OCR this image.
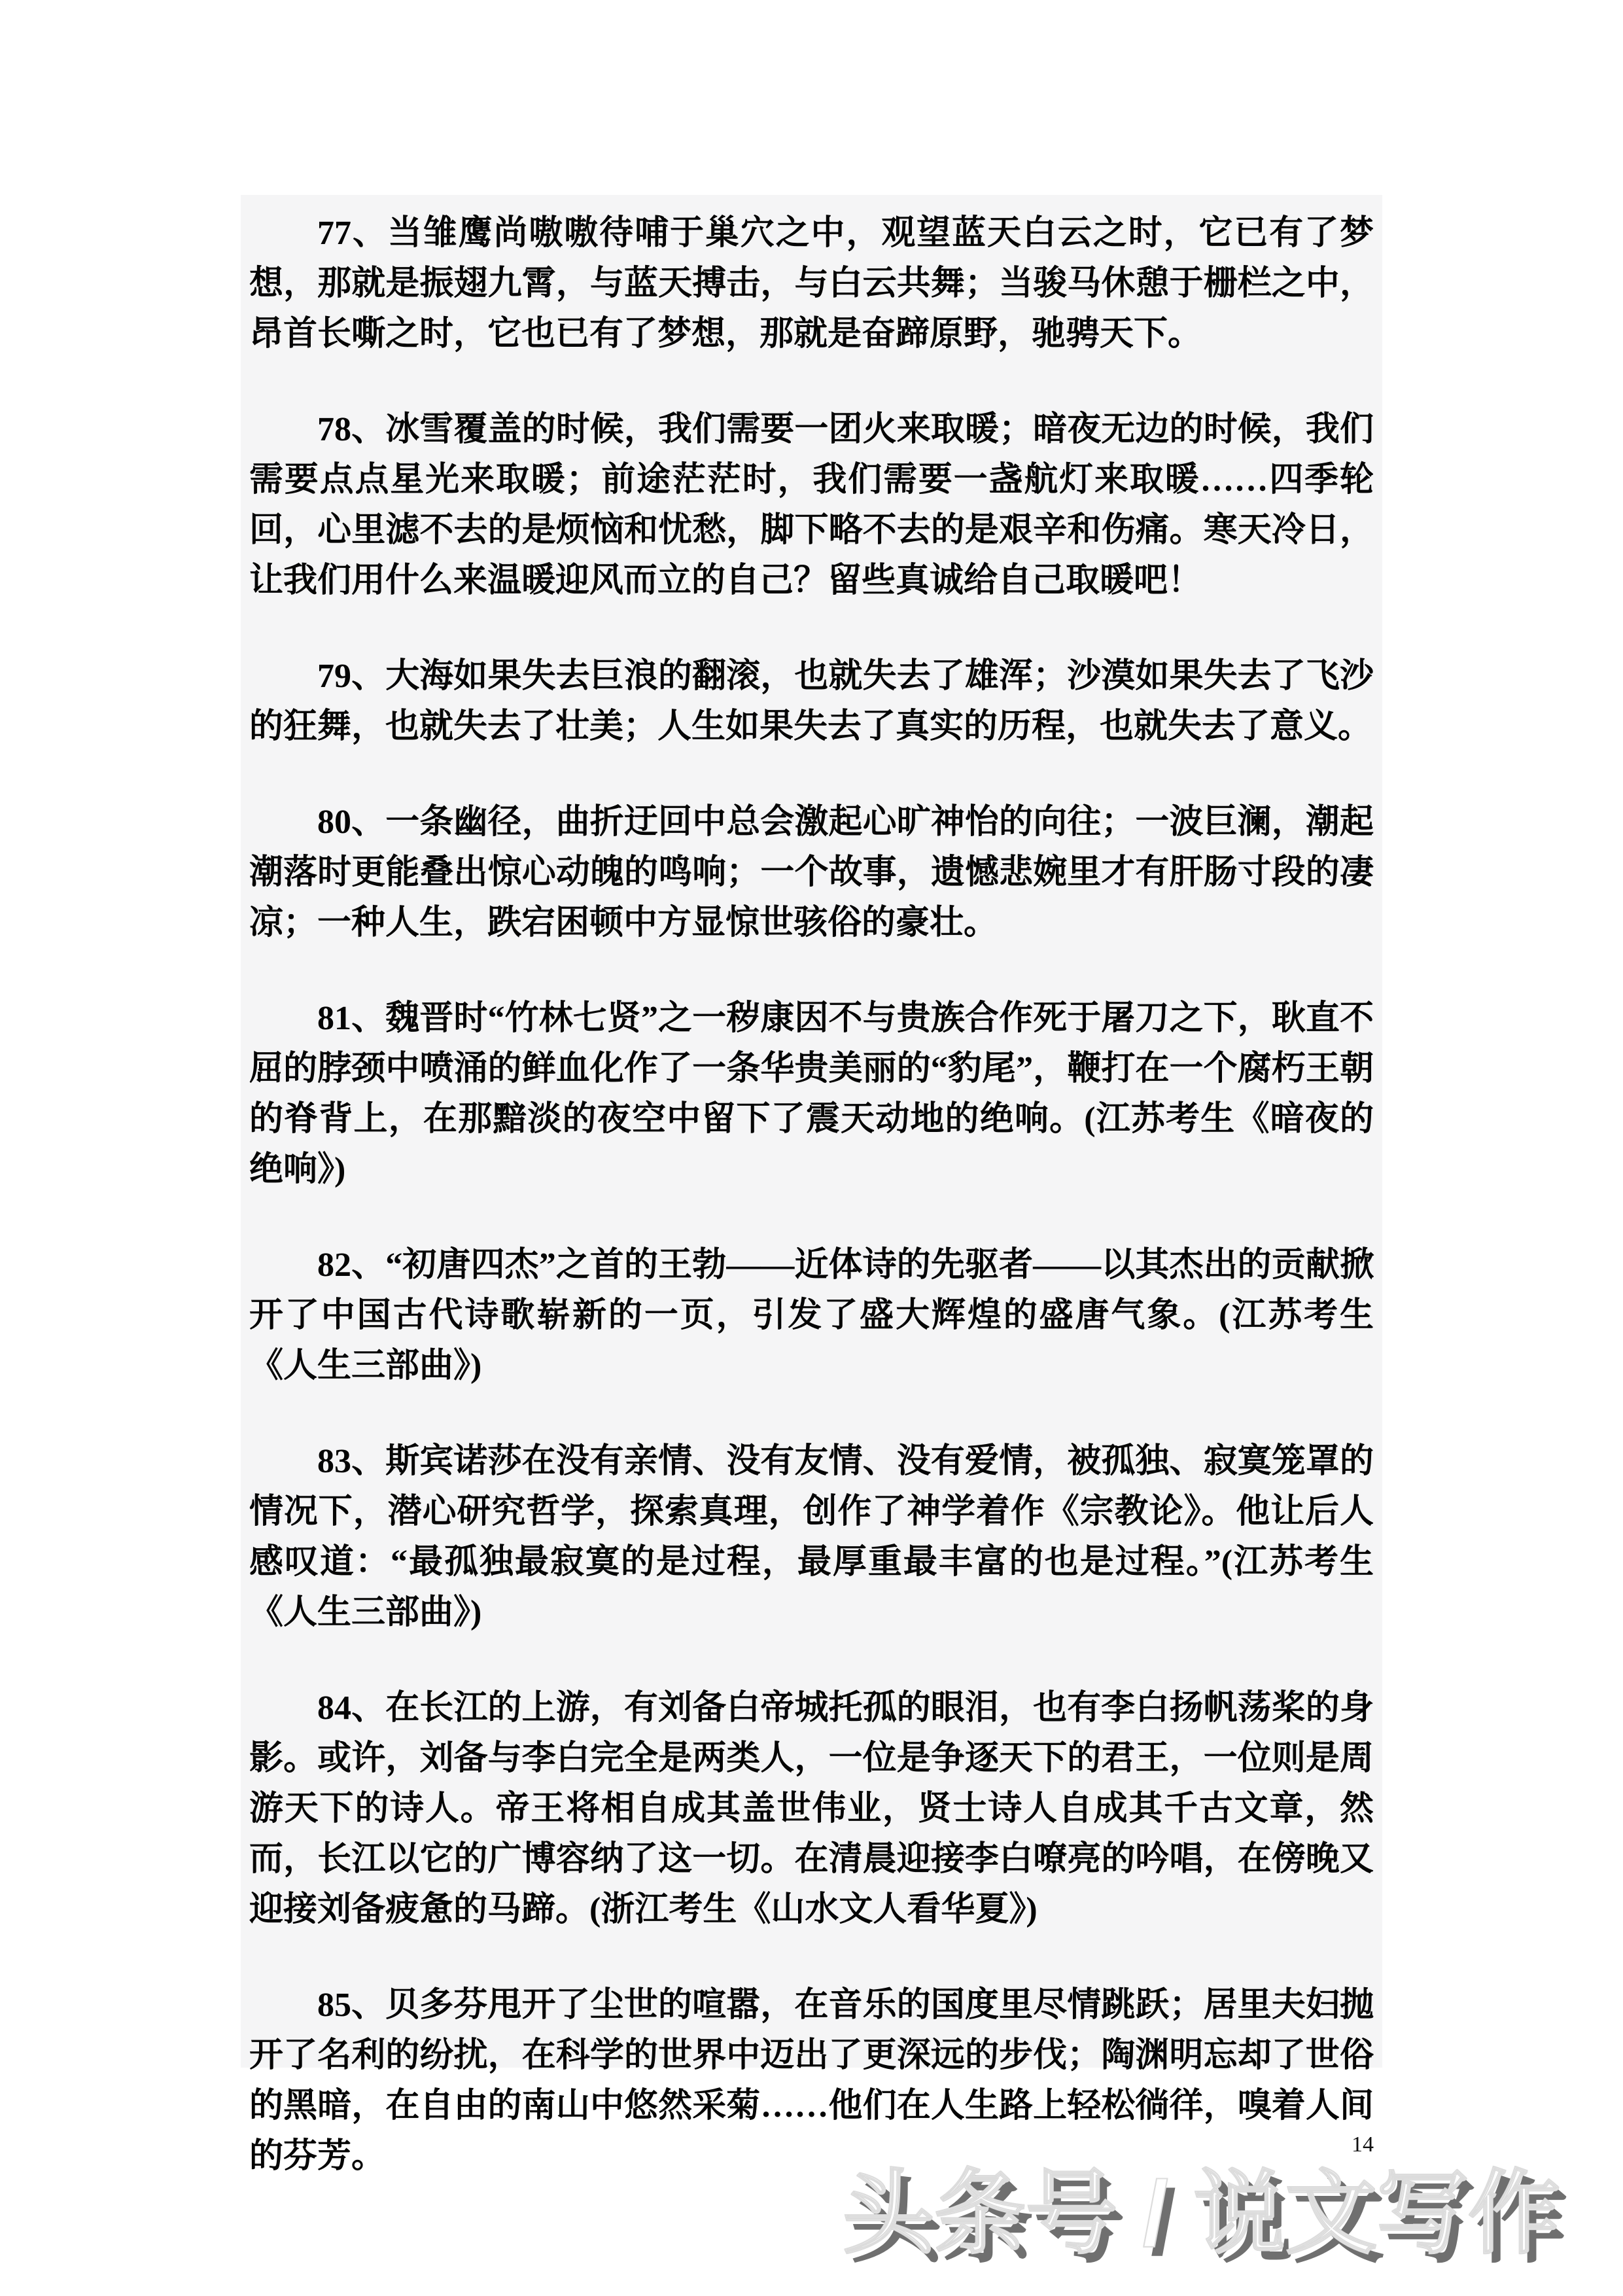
77、当雏鹰尚嗷嗷待哺于巢穴之中，观望蓝天白云之时，它已有了梦想，那就是振翅九霄，与蓝天搏击，与白云共舞；当骏马休憩于栅栏之中，昂首长嘶之时，它也已有了梦想，那就是奋蹄原野，驰骋天下。

78、冰雪覆盖的时候，我们需要一团火来取暖；暗夜无边的时候，我们需要点点星光来取暖；前途茫茫时，我们需要一盏航灯来取暖……四季轮回，心里滤不去的是烦恼和忧愁，脚下略不去的是艰辛和伤痛。寒天冷日，让我们用什么来温暖迎风而立的自己？留些真诚给自己取暖吧！

79、大海如果失去巨浪的翻滚，也就失去了雄浑；沙漠如果失去了飞沙的狂舞，也就失去了壮美；人生如果失去了真实的历程，也就失去了意义。

80、一条幽径，曲折迂回中总会激起心旷神怡的向往；一波巨澜，潮起潮落时更能叠出惊心动魄的鸣响；一个故事，遗憾悲婉里才有肝肠寸段的凄凉；一种人生，跌宕困顿中方显惊世骇俗的豪壮。

81、魏晋时“竹林七贤”之一秽康因不与贵族合作死于屠刀之下，耿直不屈的脖颈中喷涌的鲜血化作了一条华贵美丽的“豹尾”，鞭打在一个腐朽王朝的脊背上，在那黯淡的夜空中留下了震天动地的绝响。(江苏考生《暗夜的绝响》)

82、“初唐四杰”之首的王勃——近体诗的先驱者——以其杰出的贡献掀开了中国古代诗歌崭新的一页，引发了盛大辉煌的盛唐气象。(江苏考生《人生三部曲》)

83、斯宾诺莎在没有亲情、没有友情、没有爱情，被孤独、寂寞笼罩的情况下，潜心研究哲学，探索真理，创作了神学着作《宗教论》。他让后人感叹道：“最孤独最寂寞的是过程，最厚重最丰富的也是过程。”(江苏考生《人生三部曲》)

84、在长江的上游，有刘备白帝城托孤的眼泪，也有李白扬帆荡桨的身影。或许，刘备与李白完全是两类人，一位是争逐天下的君王，一位则是周游天下的诗人。帝王将相自成其盖世伟业，贤士诗人自成其千古文章，然而，长江以它的广博容纳了这一切。在清晨迎接李白嘹亮的吟唱，在傍晚又迎接刘备疲惫的马蹄。(浙江考生《山水文人看华夏》)

85、贝多芬甩开了尘世的喧嚣，在音乐的国度里尽情跳跃；居里夫妇抛开了名利的纷扰，在科学的世界中迈出了更深远的步伐；陶渊明忘却了世俗的黑暗，在自由的南山中悠然采菊……他们在人生路上轻松徜徉，嗅着人间的芬芳。	14
头条号 / 说文写作
